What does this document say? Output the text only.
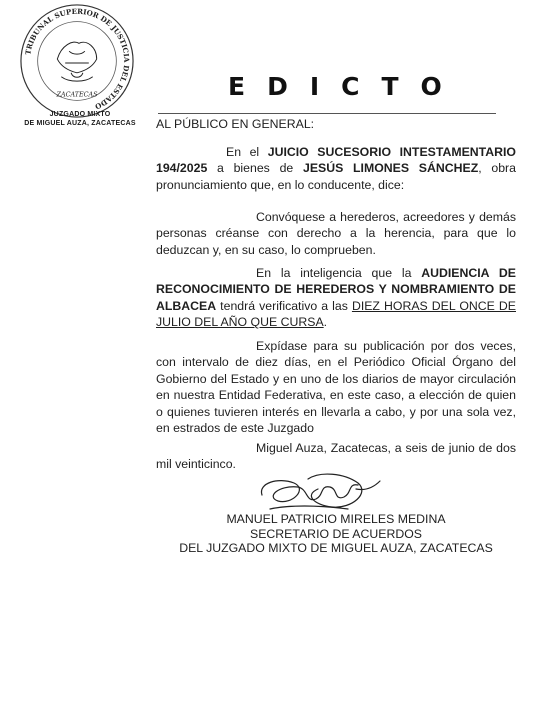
TRIBUNAL SUPERIOR DE JUSTICIA DEL ESTADO
ZACATECAS
JUZGADO MIXTO
DE MIGUEL AUZA, ZACATECAS
EDICTO

AL PÚBLICO EN GENERAL:

En el JUICIO SUCESORIO INTESTAMENTARIO 194/2025 a bienes de JESÚS LIMONES SÁNCHEZ, obra pronunciamiento que, en lo conducente, dice:

Convóquese a herederos, acreedores y demás personas créanse con derecho a la herencia, para que lo deduzcan y, en su caso, lo comprueben.

En la inteligencia que la AUDIENCIA DE RECONOCIMIENTO DE HEREDEROS Y NOMBRAMIENTO DE ALBACEA tendrá verificativo a las DIEZ HORAS DEL ONCE DE JULIO DEL AÑO QUE CURSA.

Expídase para su publicación por dos veces, con intervalo de diez días, en el Periódico Oficial Órgano del Gobierno del Estado y en uno de los diarios de mayor circulación en nuestra Entidad Federativa, en este caso, a elección de quien o quienes tuvieren interés en llevarla a cabo, y por una sola vez, en estrados de este Juzgado

Miguel Auza, Zacatecas, a seis de junio de dos mil veinticinco.

MANUEL PATRICIO MIRELES MEDINA
SECRETARIO DE ACUERDOS
DEL JUZGADO MIXTO DE MIGUEL AUZA, ZACATECAS
